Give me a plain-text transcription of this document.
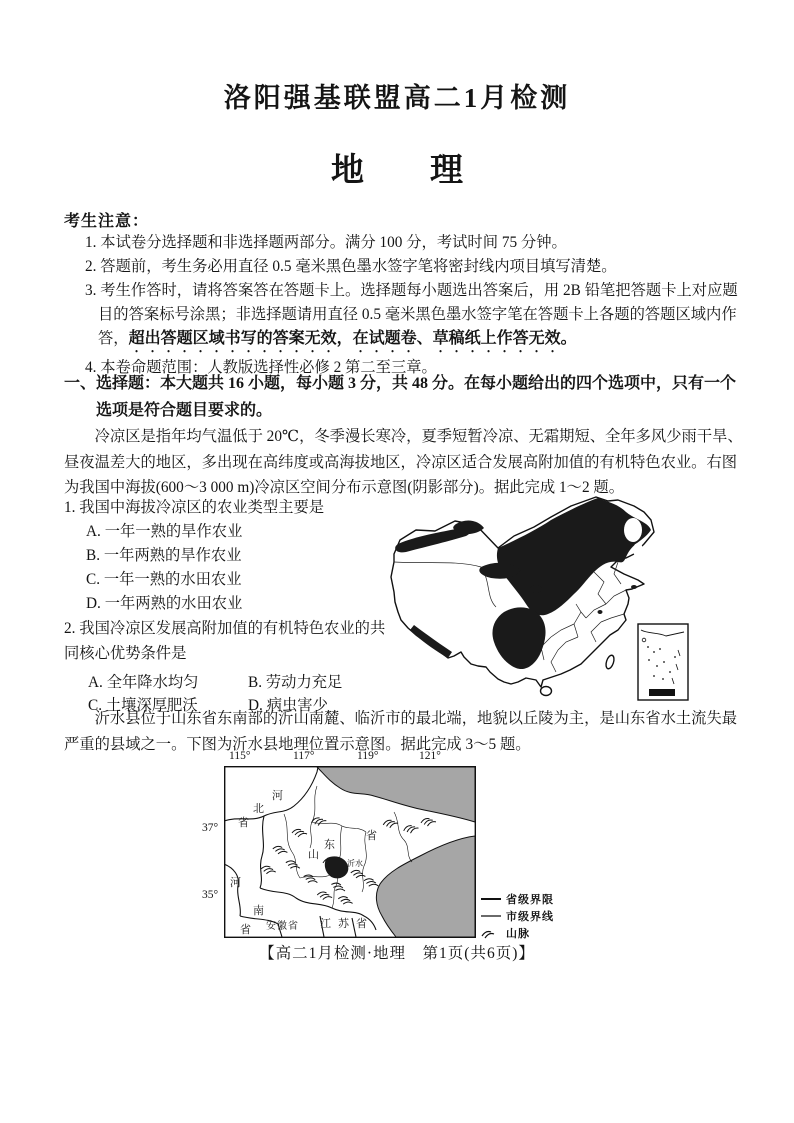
洛阳强基联盟高二1月检测
地　　理
考生注意：

1. 本试卷分选择题和非选择题两部分。满分 100 分，考试时间 75 分钟。

2. 答题前，考生务必用直径 0.5 毫米黑色墨水签字笔将密封线内项目填写清楚。

3. 考生作答时，请将答案答在答题卡上。选择题每小题选出答案后，用 2B 铅笔把答题卡上对应题目的答案标号涂黑；非选择题请用直径 0.5 毫米黑色墨水签字笔在答题卡上各题的答题区域内作答，超出答题区域书写的答案无效，在试题卷、草稿纸上作答无效。

4. 本卷命题范围：人教版选择性必修 2 第二至三章。

一、选择题：本大题共 16 小题，每小题 3 分，共 48 分。在每小题给出的四个选项中，只有一个选项是符合题目要求的。
冷凉区是指年均气温低于 20℃，冬季漫长寒冷，夏季短暂冷凉、无霜期短、全年多风少雨干旱、昼夜温差大的地区，多出现在高纬度或高海拔地区，冷凉区适合发展高附加值的有机特色农业。右图为我国中海拔(600～3 000 m)冷凉区空间分布示意图(阴影部分)。据此完成 1～2 题。

1. 我国中海拔冷凉区的农业类型主要是

A. 一年一熟的旱作农业

B. 一年两熟的旱作农业

C. 一年一熟的水田农业

D. 一年两熟的水田农业

2. 我国冷凉区发展高附加值的有机特色农业的共同核心优势条件是

A. 全年降水均匀	B. 劳动力充足
C. 土壤深厚肥沃	D. 病虫害少
沂水县位于山东省东南部的沂山南麓、临沂市的最北端，地貌以丘陵为主，是山东省水土流失最严重的县域之一。下图为沂水县地理位置示意图。据此完成 3～5 题。
115°	117°	119°	121°
37°
35°
河
北
省
山
东
省
河
南
省 安徽省 江苏省
沂水
省级界限
市级界线
山脉
【高二1月检测·地理　第1页(共6页)】
